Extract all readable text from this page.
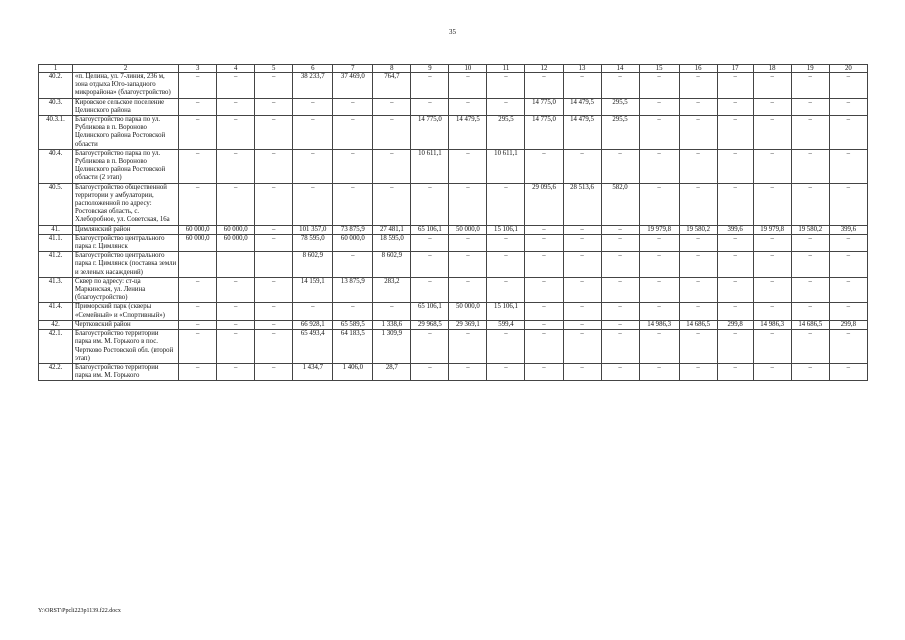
35
1	2	3	4	5	6	7	8	9	10	11	12	13	14	15	16	17	18	19	20
40.2.	«п. Целина, ул. 7-линия, 236 м, зона отдыха Юго-западного микрорайона» (благоустройство)	–	–	–	38 233,7	37 469,0	764,7	–	–	–	–	–	–	–	–	–	–	–	–
40.3.	Кировское сельское поселение Целинского района	–	–	–	–	–	–	–	–	–	14 775,0	14 479,5	295,5	–	–	–	–	–	–
40.3.1.	Благоустройство парка по ул. Рубликова в п. Вороново Целинского района Ростовской области	–	–	–	–	–	–	14 775,0	14 479,5	295,5	14 775,0	14 479,5	295,5	–	–	–	–	–	–
40.4.	Благоустройство парка по ул. Рубликова в п. Вороново Целинского района Ростовской области (2 этап)	–	–	–	–	–	–	10 611,1	–	10 611,1	–	–	–	–	–	–	–	–	–
40.5.	Благоустройство общественной территории у амбулатории, расположенной по адресу: Ростовская область, с. Хлеборобное, ул. Советская, 16а	–	–	–	–	–	–	–	–	–	29 095,6	28 513,6	582,0	–	–	–	–	–	–
41.	Цимлянский район	60 000,0	60 000,0	–	101 357,0	73 875,9	27 481,1	65 106,1	50 000,0	15 106,1	–	–	–	19 979,8	19 580,2	399,6	19 979,8	19 580,2	399,6
41.1.	Благоустройство центрального парка г. Цимлянск	60 000,0	60 000,0	–	78 595,0	60 000,0	18 595,0	–	–	–	–	–	–	–	–	–	–	–	–
41.2.	Благоустройство центрального парка г. Цимлянск (поставка земли и зеленых насаждений)				8 602,9	–	8 602,9	–	–	–	–	–	–	–	–	–	–	–	–
41.3.	Сквер по адресу: ст-ца Маркинская, ул. Ленина (благоустройство)	–	–	–	14 159,1	13 875,9	283,2	–	–	–	–	–	–	–	–	–	–	–	–
41.4.	Приморский парк (скверы «Семейный» и «Спортивный»)	–	–	–	–	–	–	65 106,1	50 000,0	15 106,1	–	–	–	–	–	–	–	–	–
42.	Чертковский район	–	–	–	66 928,1	65 589,5	1 338,6	29 968,5	29 369,1	599,4	–	–	–	14 986,3	14 686,5	299,8	14 986,3	14 686,5	299,8
42.1.	Благоустройство территории парка им. М. Горького в пос. Чертково Ростовской обл. (второй этап)	–	–	–	65 493,4	64 183,5	1 309,9	–	–	–	–	–	–	–	–	–	–	–	–
42.2.	Благоустройство территории парка им. М. Горького	–	–	–	1 434,7	1 406,0	28,7	–	–	–	–	–	–	–	–	–	–	–	–
Y:\ORST\Ppcli223p1139.f22.docx
